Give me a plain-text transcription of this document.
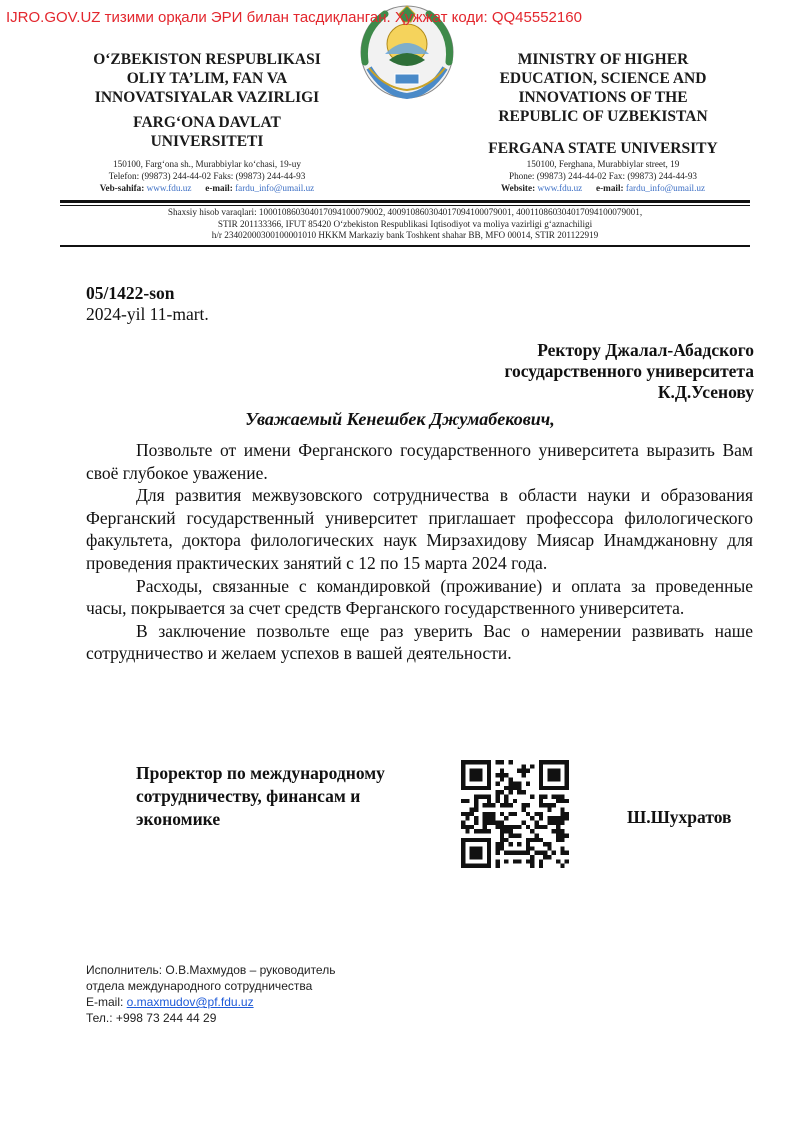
IJRO.GOV.UZ тизими орқали ЭРИ билан тасдиқланган. Ҳужжат коди: QQ45552160

O‘ZBEKISTON RESPUBLIKASI

OLIY TA’LIM, FAN VA

INNOVATSIYALAR VAZIRLIGI

FARG‘ONA DAVLAT

UNIVERSITETI

MINISTRY OF HIGHER

EDUCATION, SCIENCE AND

INNOVATIONS OF THE

REPUBLIC OF UZBEKISTAN

FERGANA STATE UNIVERSITY

150100, Farg‘ona sh., Murabbiylar ko‘chasi, 19-uy
Telefon: (99873) 244-44-02 Faks: (99873) 244-44-93
Veb-sahifa: www.fdu.uz e-mail: fardu_info@umail.uz
150100, Ferghana, Murabbiylar street, 19
Phone: (99873) 244-44-02 Fax: (99873) 244-44-93
Website: www.fdu.uz e-mail: fardu_info@umail.uz
Shaxsiy hisob varaqlari: 100010860304017094100079002, 400910860304017094100079001, 400110860304017094100079001,
STIR 201133366, IFUT 85420 O‘zbekiston Respublikasi Iqtisodiyot va moliya vazirligi g‘aznachiligi
h/r 23402000300100001010 HKKM Markaziy bank Toshkent shahar BB, MFO 00014, STIR 201122919
05/1422-son
2024-yil 11-mart.
Ректору Джалал-Абадского
государственного университета
К.Д.Усенову
Уважаемый Кенешбек Джумабекович,

Позвольте от имени Ферганского государственного университета выразить Вам своё глубокое уважение.

Для развития межвузовского сотрудничества в области науки и образования Ферганский государственный университет приглашает профессора филологического факультета, доктора филологических наук Мирзахидову Миясар Инамджановну для проведения практических занятий с 12 по 15 марта 2024 года.

Расходы, связанные с командировкой (проживание) и оплата за проведенные часы, покрывается за счет средств Ферганского государственного университета.

В заключение позвольте еще раз уверить Вас о намерении развивать наше сотрудничество и желаем успехов в вашей деятельности.

Проректор по международному
сотрудничеству, финансам и
экономике	Ш.Шухратов
Исполнитель: О.В.Махмудов – руководитель
отдела международного сотрудничества
E-mail: o.maxmudov@pf.fdu.uz
Тел.: +998 73 244 44 29
